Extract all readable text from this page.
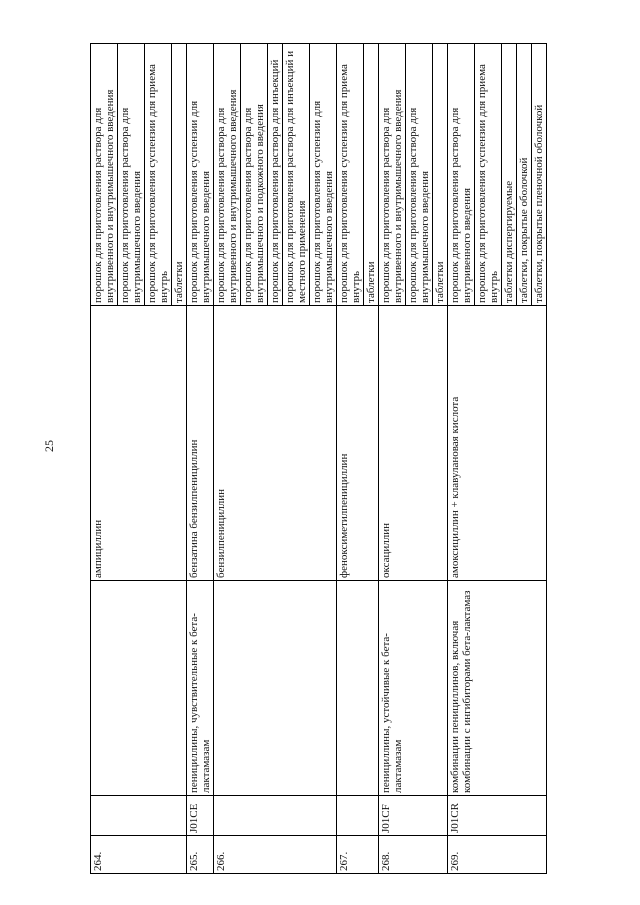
25
264.			ампициллин	порошок для приготовления раствора для внутривенного и внутримышечного введения
				порошок для приготовления раствора для внутримышечного введения
				порошок для приготовления суспензии для приема внутрь
				таблетки
265.	J01CE	пенициллины, чувствительные к бета-лактамазам	бензатина бензилпенициллин	порошок для приготовления суспензии для внутримышечного введения
266.			бензилпенициллин	порошок для приготовления раствора для внутривенного и внутримышечного введения
				порошок для приготовления раствора для внутримышечного и подкожного введения
				порошок для приготовления раствора для инъекций
				порошок для приготовления раствора для инъекций и местного применения
				порошок для приготовления суспензии для внутримышечного введения
267.			феноксиметилпенициллин	порошок для приготовления суспензии для приема внутрь
				таблетки
268.	J01CF	пенициллины, устойчивые к бета-лактамазам	оксациллин	порошок для приготовления раствора для внутривенного и внутримышечного введения
				порошок для приготовления раствора для внутримышечного введения
				таблетки
269.	J01CR	комбинации пенициллинов, включая комбинации с ингибиторами бета-лактамаз	амоксициллин + клавулановая кислота	порошок для приготовления раствора для внутривенного введения
				порошок для приготовления суспензии для приема внутрь
				таблетки диспергируемые
				таблетки, покрытые оболочкой
				таблетки, покрытые пленочной оболочкой
